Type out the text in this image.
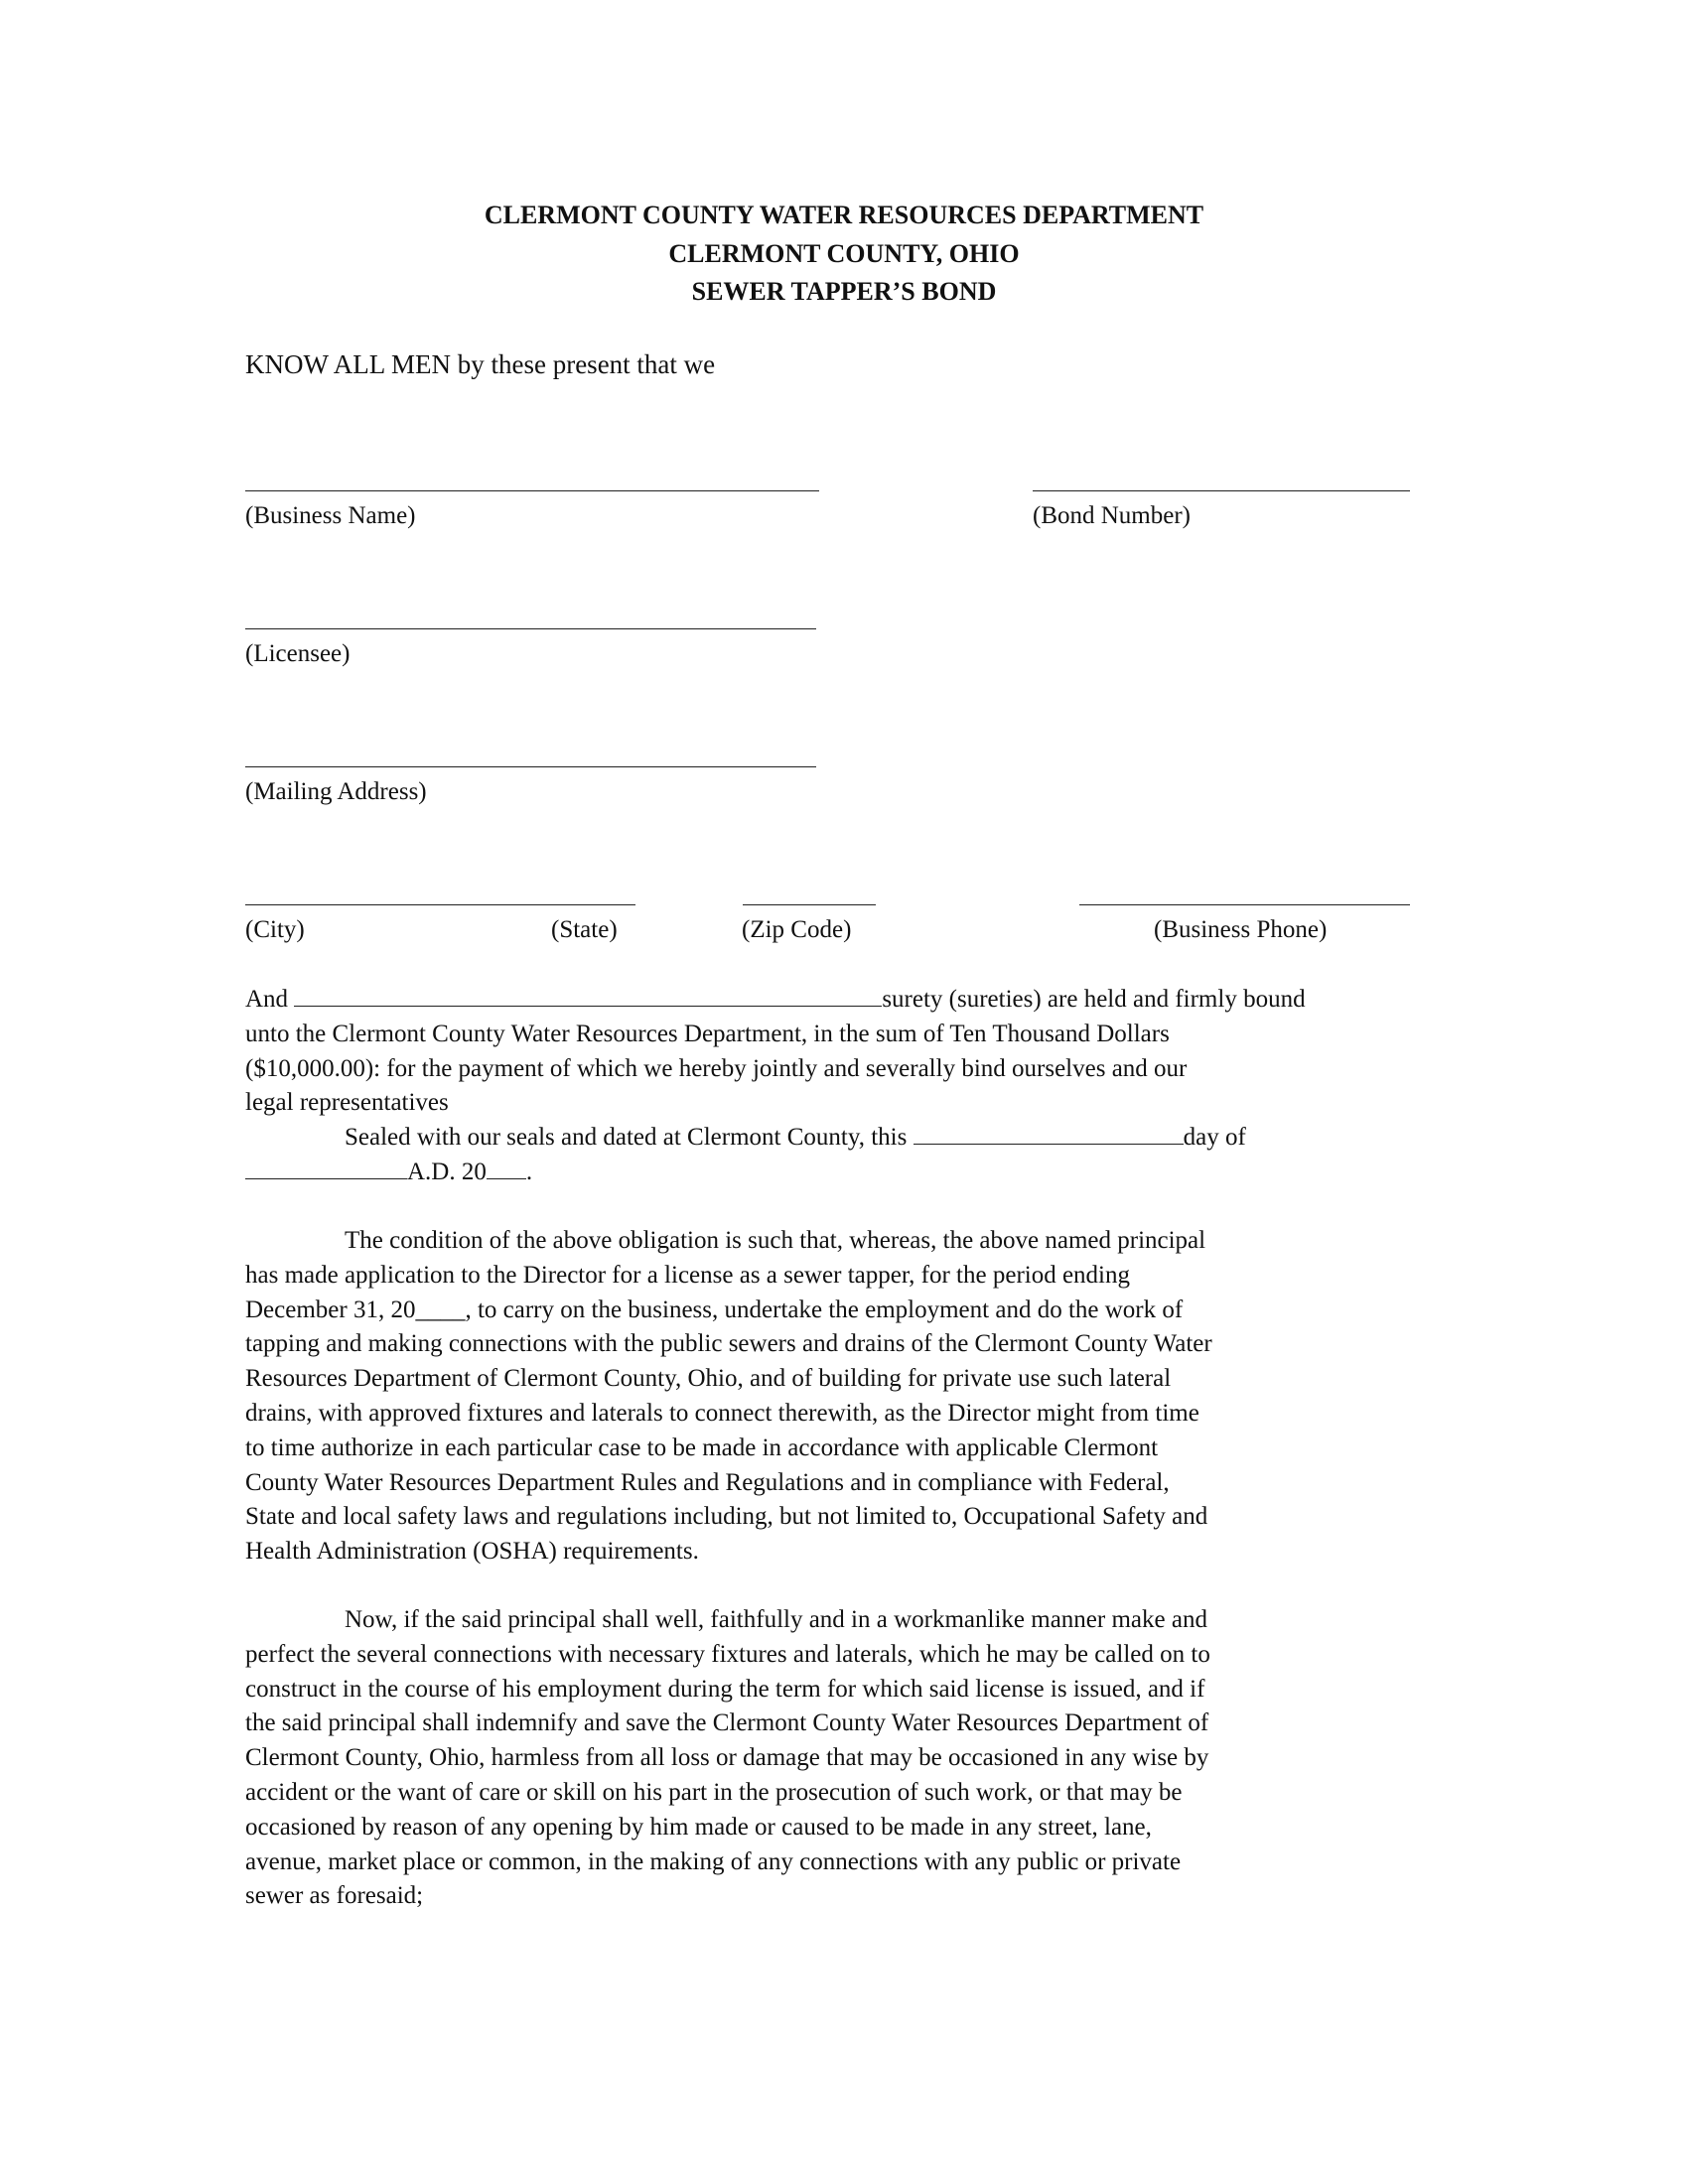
CLERMONT COUNTY WATER RESOURCES DEPARTMENT
CLERMONT COUNTY, OHIO
SEWER TAPPER’S BOND
KNOW ALL MEN by these present that we
(Business Name)	(Bond Number)
(Licensee)
(Mailing Address)
(City)	(State)	(Zip Code)	(Business Phone)
And	surety (sureties) are held and firmly bound
unto the Clermont County Water Resources Department, in the sum of Ten Thousand Dollars
($10,000.00): for the payment of which we hereby jointly and severally bind ourselves and our
legal representatives
Sealed with our seals and dated at Clermont County, this	day of
A.D. 20 .
The condition of the above obligation is such that, whereas, the above named principal
has made application to the Director for a license as a sewer tapper, for the period ending
December 31, 20____, to carry on the business, undertake the employment and do the work of
tapping and making connections with the public sewers and drains of the Clermont County Water
Resources Department of Clermont County, Ohio, and of building for private use such lateral
drains, with approved fixtures and laterals to connect therewith, as the Director might from time
to time authorize in each particular case to be made in accordance with applicable Clermont
County Water Resources Department Rules and Regulations and in compliance with Federal,
State and local safety laws and regulations including, but not limited to, Occupational Safety and
Health Administration (OSHA) requirements.
Now, if the said principal shall well, faithfully and in a workmanlike manner make and
perfect the several connections with necessary fixtures and laterals, which he may be called on to
construct in the course of his employment during the term for which said license is issued, and if
the said principal shall indemnify and save the Clermont County Water Resources Department of
Clermont County, Ohio, harmless from all loss or damage that may be occasioned in any wise by
accident or the want of care or skill on his part in the prosecution of such work, or that may be
occasioned by reason of any opening by him made or caused to be made in any street, lane,
avenue, market place or common, in the making of any connections with any public or private
sewer as foresaid;
